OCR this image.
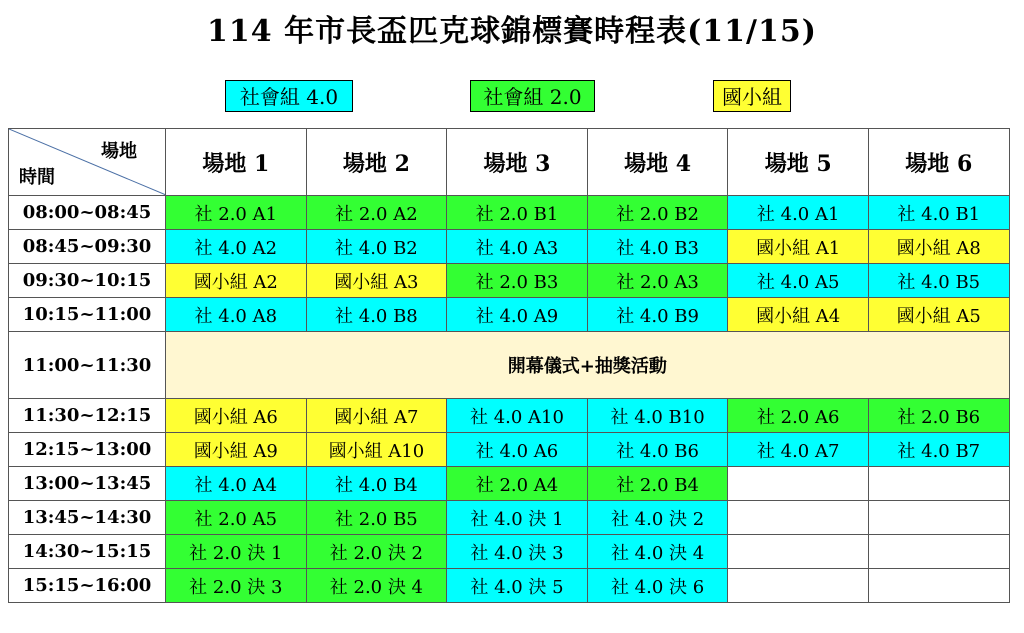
114 年市長盃匹克球錦標賽時程表(11/15)
社會組 4.0	社會組 2.0	國小組
場地
時間	場地 1	場地 2	場地 3	場地 4	場地 5	場地 6
08:00~08:45	社 2.0 A1	社 2.0 A2	社 2.0 B1	社 2.0 B2	社 4.0 A1	社 4.0 B1
08:45~09:30	社 4.0 A2	社 4.0 B2	社 4.0 A3	社 4.0 B3	國小組 A1	國小組 A8
09:30~10:15	國小組 A2	國小組 A3	社 2.0 B3	社 2.0 A3	社 4.0 A5	社 4.0 B5
10:15~11:00	社 4.0 A8	社 4.0 B8	社 4.0 A9	社 4.0 B9	國小組 A4	國小組 A5
11:00~11:30	開幕儀式+抽獎活動					
11:30~12:15	國小組 A6	國小組 A7	社 4.0 A10	社 4.0 B10	社 2.0 A6	社 2.0 B6
12:15~13:00	國小組 A9	國小組 A10	社 4.0 A6	社 4.0 B6	社 4.0 A7	社 4.0 B7
13:00~13:45	社 4.0 A4	社 4.0 B4	社 2.0 A4	社 2.0 B4		
13:45~14:30	社 2.0 A5	社 2.0 B5	社 4.0 決 1	社 4.0 決 2		
14:30~15:15	社 2.0 決 1	社 2.0 決 2	社 4.0 決 3	社 4.0 決 4		
15:15~16:00	社 2.0 決 3	社 2.0 決 4	社 4.0 決 5	社 4.0 決 6		
